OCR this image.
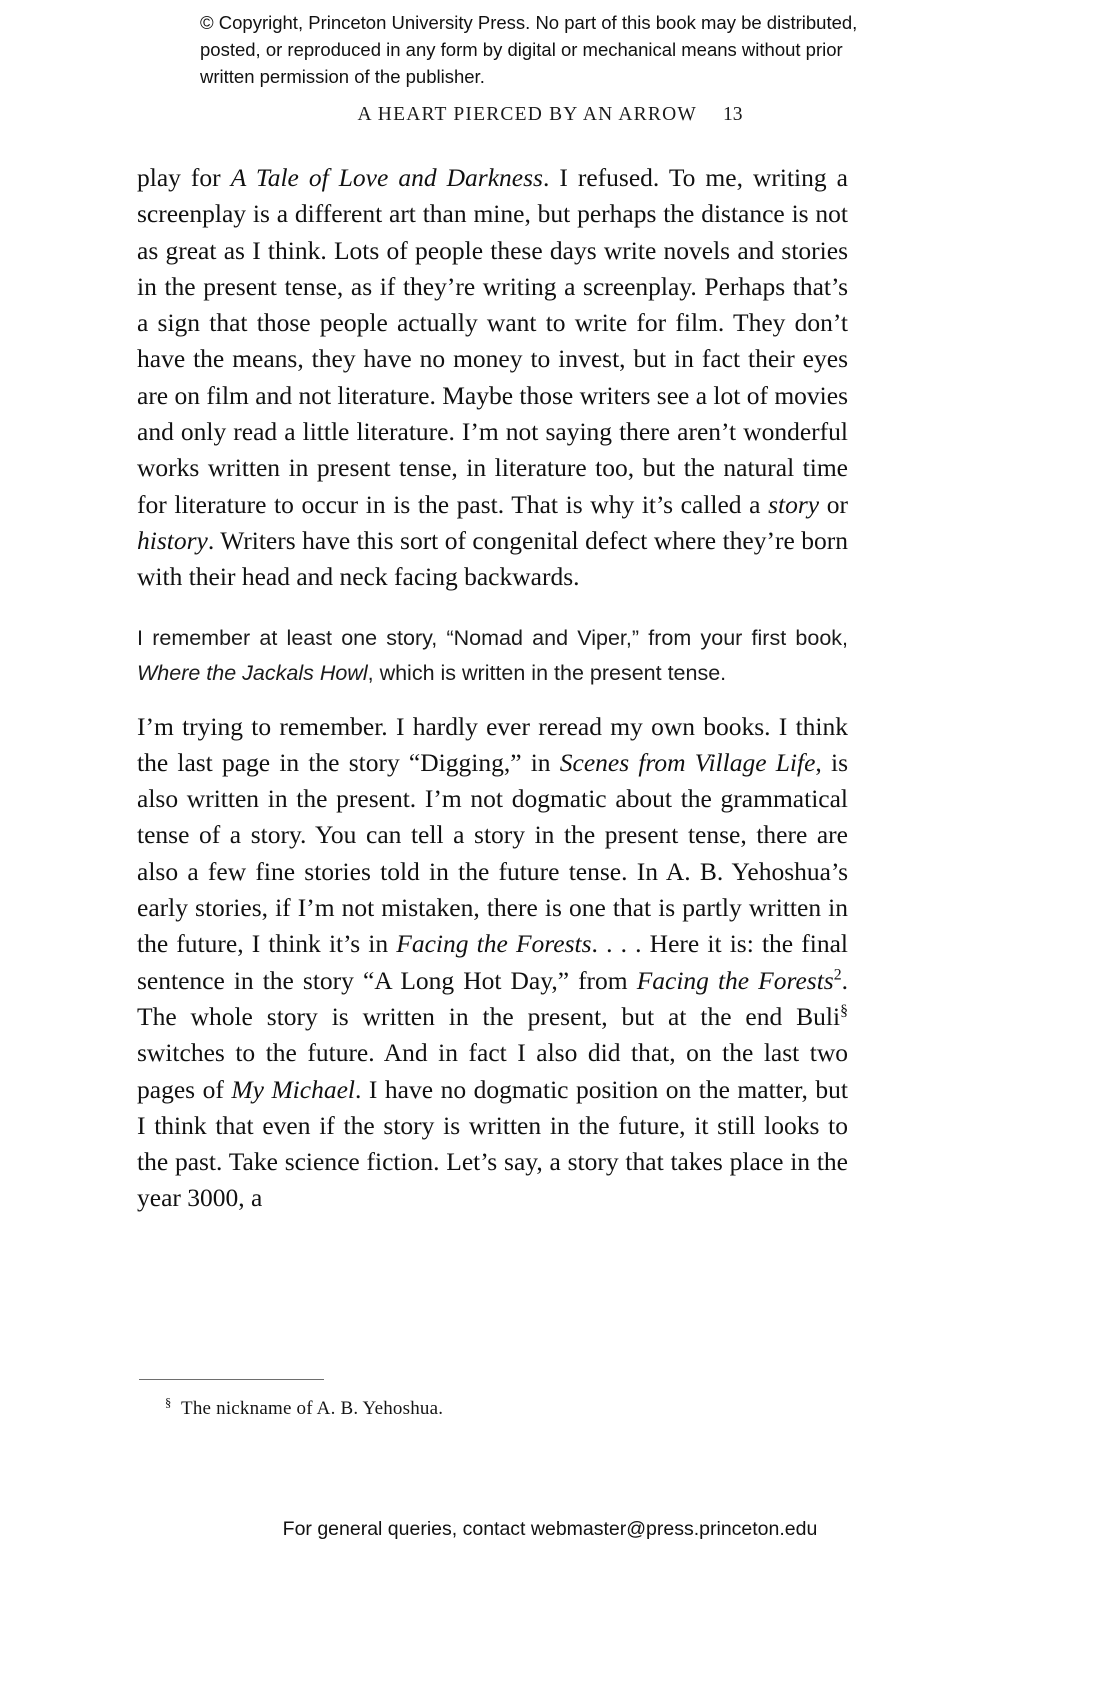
© Copyright, Princeton University Press. No part of this book may be distributed, posted, or reproduced in any form by digital or mechanical means without prior written permission of the publisher.
A HEART PIERCED BY AN ARROW 13

play for A Tale of Love and Darkness. I refused. To me, writing a screenplay is a different art than mine, but perhaps the distance is not as great as I think. Lots of people these days write novels and stories in the present tense, as if they’re writing a screenplay. Perhaps that’s a sign that those people actually want to write for film. They don’t have the means, they have no money to invest, but in fact their eyes are on film and not literature. Maybe those writers see a lot of movies and only read a little literature. I’m not saying there aren’t wonderful works written in present tense, in literature too, but the natural time for literature to occur in is the past. That is why it’s called a story or history. Writers have this sort of congenital defect where they’re born with their head and neck facing backwards.

I remember at least one story, “Nomad and Viper,” from your first book, Where the Jackals Howl, which is written in the present tense.

I’m trying to remember. I hardly ever reread my own books. I think the last page in the story “Digging,” in Scenes from Village Life, is also written in the present. I’m not dogmatic about the grammatical tense of a story. You can tell a story in the present tense, there are also a few fine stories told in the future tense. In A. B. Yehoshua’s early stories, if I’m not mistaken, there is one that is partly written in the future, I think it’s in Facing the Forests. . . . Here it is: the final sentence in the story “A Long Hot Day,” from Facing the Forests$^2$. The whole story is written in the present, but at the end Buli§ switches to the future. And in fact I also did that, on the last two pages of My Michael. I have no dogmatic position on the matter, but I think that even if the story is written in the future, it still looks to the past. Take science fiction. Let’s say, a story that takes place in the year 3000, a

§ The nickname of A. B. Yehoshua.
For general queries, contact webmaster@press.princeton.edu
